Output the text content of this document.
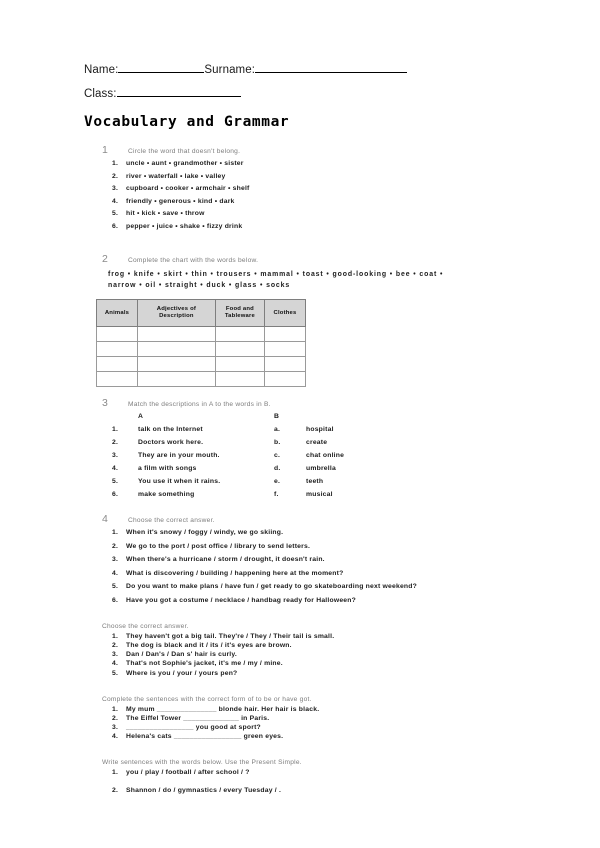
Name:	Surname:
Class:
Vocabulary and Grammar
1	Circle the word that doesn't belong.
1.	uncle • aunt • grandmother • sister
2.	river • waterfall • lake • valley
3.	cupboard • cooker • armchair • shelf
4.	friendly • generous • kind • dark
5.	hit • kick • save • throw
6.	pepper • juice • shake • fizzy drink
2	Complete the chart with the words below.
frog • knife • skirt • thin • trousers • mammal • toast • good-looking • bee • coat • narrow • oil • straight • duck • glass • socks
Animals	Adjectives of Description	Food and Tableware	Clothes

3	Match the descriptions in A to the words in B.
A	B
1.	talk on the Internet	a.	hospital
2.	Doctors work here.	b.	create
3.	They are in your mouth.	c.	chat online
4.	a film with songs	d.	umbrella
5.	You use it when it rains.	e.	teeth
6.	make something	f.	musical
4	Choose the correct answer.
1.	When it's snowy / foggy / windy, we go skiing.
2.	We go to the port / post office / library to send letters.
3.	When there's a hurricane / storm / drought, it doesn't rain.
4.	What is discovering / building / happening here at the moment?
5.	Do you want to make plans / have fun / get ready to go skateboarding next weekend?
6.	Have you got a costume / necklace / handbag ready for Halloween?
Choose the correct answer.
1.	They haven't got a big tail. They're / They / Their tail is small.
2.	The dog is black and it / its / it's eyes are brown.
3.	Dan / Dan's / Dan s' hair is curly.
4.	That's not Sophie's jacket, it's me / my / mine.
5.	Where is you / your / yours pen?
Complete the sentences with the correct form of to be or have got.
1.	My mum _______________ blonde hair. Her hair is black.
2.	The Eiffel Tower ______________ in Paris.
3.	_________________ you good at sport?
4.	Helena's cats _________________ green eyes.
Write sentences with the words below. Use the Present Simple.
1.	you / play / football / after school / ?
2.	Shannon / do / gymnastics / every Tuesday / .
